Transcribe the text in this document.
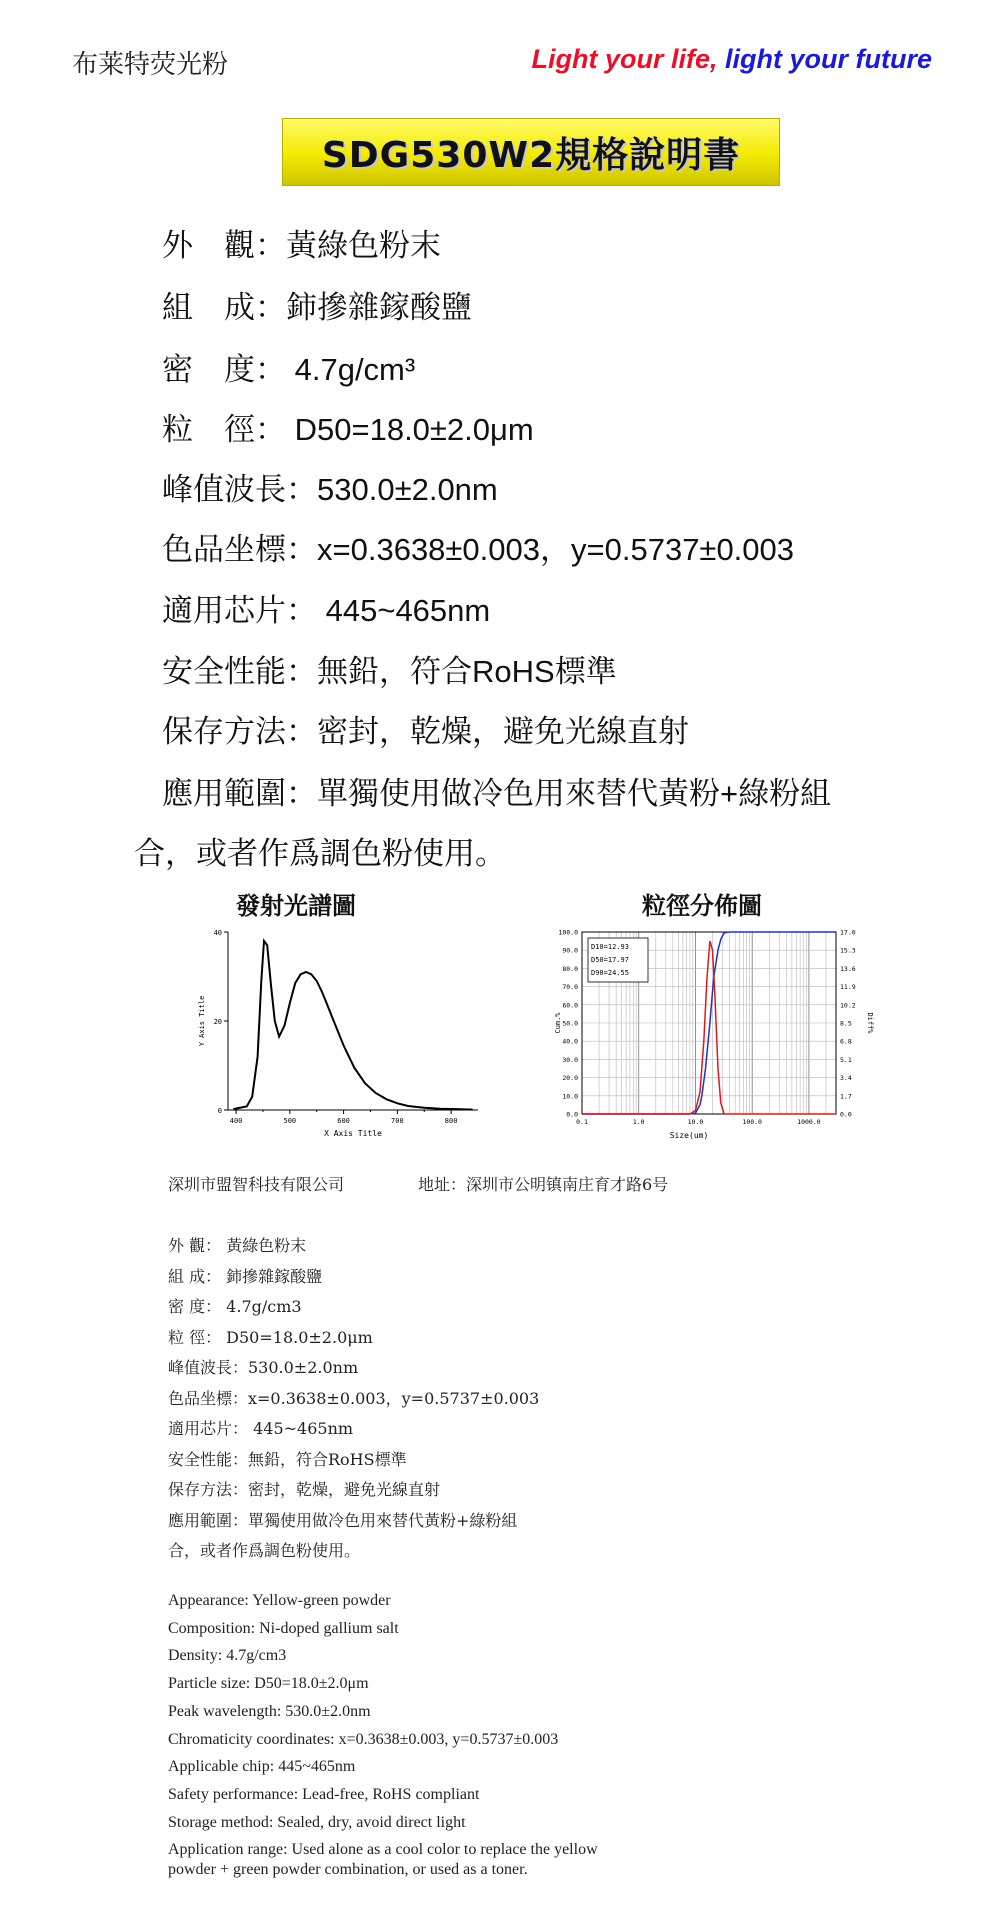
布莱特荧光粉	Light your life, light your future
SDG530W2規格說明書
外　觀：黃綠色粉末
組　成：鈰摻雜鎵酸鹽
密　度： 4.7g/cm³
粒　徑： D50=18.0±2.0μm
峰值波長：530.0±2.0nm
色品坐標：x=0.3638±0.003，y=0.5737±0.003
適用芯片： 445~465nm
安全性能：無鉛，符合RoHS標準
保存方法：密封，乾燥，避免光線直射
應用範圍：單獨使用做冷色用來替代黃粉+綠粉組
合，或者作爲調色粉使用。
發射光譜圖	粒徑分佈圖
400	500	600	700	800
0
20
40
X Axis Title
Y Axis Title
0.0	0.0
10.0	1.7
20.0	3.4
30.0	5.1
40.0	6.8
50.0	8.5
60.0	10.2
70.0	11.9
80.0	13.6
90.0	15.3
100.0	17.0
0.1	1.0	10.0	100.0	1000.0
Size(um)
Cum.%	Diff%
D10=12.93
D50=17.97
D90=24.55
深圳市盟智科技有限公司	地址：深圳市公明镇南庄育才路6号
外 觀： 黃綠色粉末
組 成： 鈰摻雜鎵酸鹽
密 度： 4.7g/cm3
粒 徑： D50=18.0±2.0μm
峰值波長：530.0±2.0nm
色品坐標：x=0.3638±0.003，y=0.5737±0.003
適用芯片： 445~465nm
安全性能：無鉛，符合RoHS標準
保存方法：密封，乾燥，避免光線直射
應用範圍：單獨使用做冷色用來替代黃粉+綠粉組
合，或者作爲調色粉使用。
Appearance: Yellow-green powder
Composition: Ni-doped gallium salt
Density: 4.7g/cm3
Particle size: D50=18.0±2.0μm
Peak wavelength: 530.0±2.0nm
Chromaticity coordinates: x=0.3638±0.003, y=0.5737±0.003
Applicable chip: 445~465nm
Safety performance: Lead-free, RoHS compliant
Storage method: Sealed, dry, avoid direct light
Application range: Used alone as a cool color to replace the yellow
powder + green powder combination, or used as a toner.
